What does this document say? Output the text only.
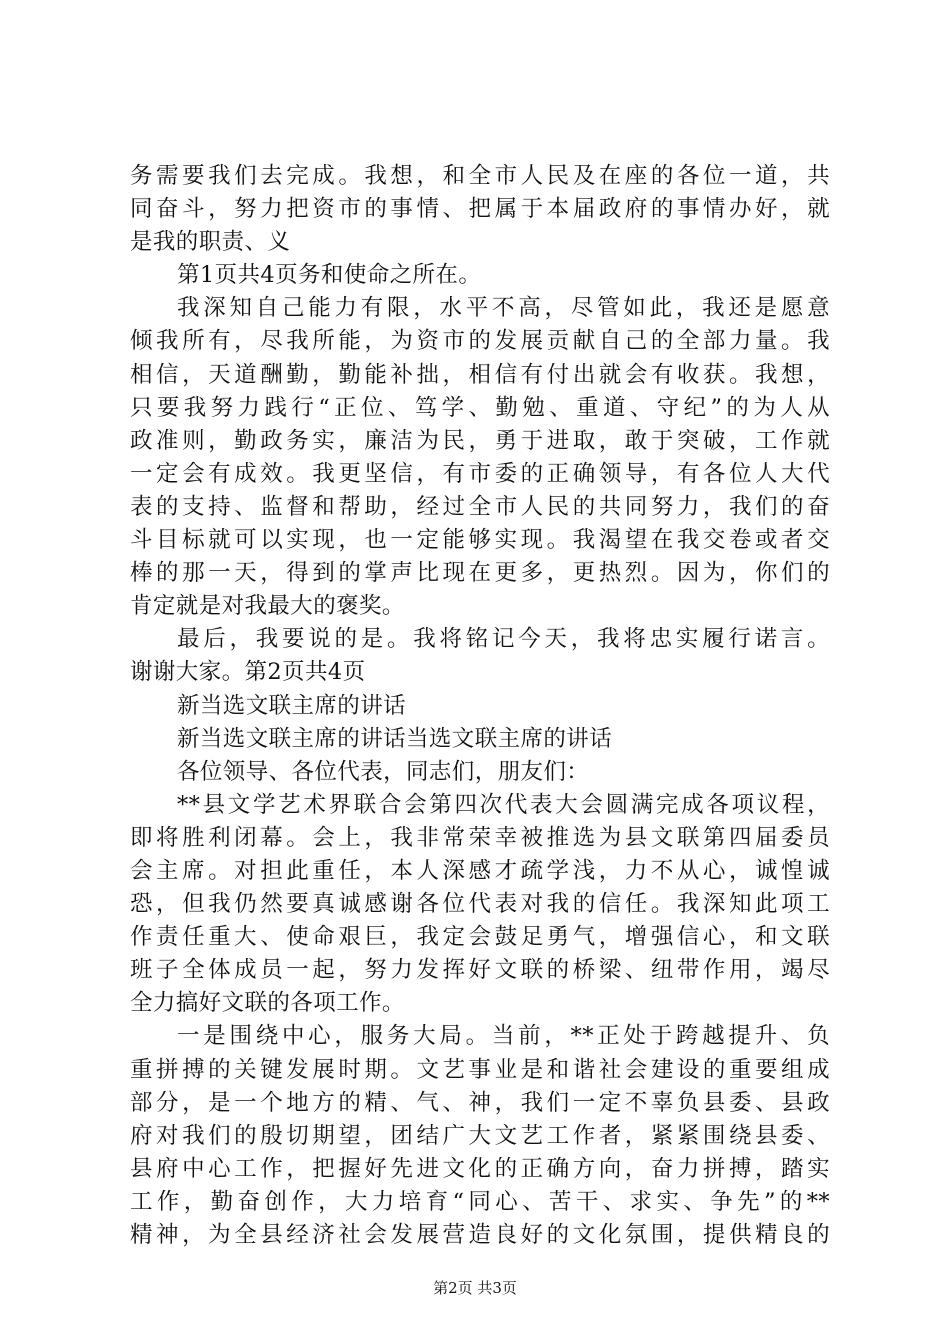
务需要我们去完成。我想，和全市人民及在座的各位一道，共
同奋斗，努力把资市的事情、把属于本届政府的事情办好，就
是我的职责、义
第1页共4页务和使命之所在。
我深知自己能力有限，水平不高，尽管如此，我还是愿意
倾我所有，尽我所能，为资市的发展贡献自己的全部力量。我
相信，天道酬勤，勤能补拙，相信有付出就会有收获。我想，
只要我努力践行“正位、笃学、勤勉、重道、守纪”的为人从
政准则，勤政务实，廉洁为民，勇于进取，敢于突破，工作就
一定会有成效。我更坚信，有市委的正确领导，有各位人大代
表的支持、监督和帮助，经过全市人民的共同努力，我们的奋
斗目标就可以实现，也一定能够实现。我渴望在我交卷或者交
棒的那一天，得到的掌声比现在更多，更热烈。因为，你们的
肯定就是对我最大的褒奖。
最后，我要说的是。我将铭记今天，我将忠实履行诺言。
谢谢大家。第2页共4页
新当选文联主席的讲话
新当选文联主席的讲话当选文联主席的讲话
各位领导、各位代表，同志们，朋友们：
**县文学艺术界联合会第四次代表大会圆满完成各项议程，
即将胜利闭幕。会上，我非常荣幸被推选为县文联第四届委员
会主席。对担此重任，本人深感才疏学浅，力不从心，诚惶诚
恐，但我仍然要真诚感谢各位代表对我的信任。我深知此项工
作责任重大、使命艰巨，我定会鼓足勇气，增强信心，和文联
班子全体成员一起，努力发挥好文联的桥梁、纽带作用，竭尽
全力搞好文联的各项工作。
一是围绕中心，服务大局。当前，**正处于跨越提升、负
重拼搏的关键发展时期。文艺事业是和谐社会建设的重要组成
部分，是一个地方的精、气、神，我们一定不辜负县委、县政
府对我们的殷切期望，团结广大文艺工作者，紧紧围绕县委、
县府中心工作，把握好先进文化的正确方向，奋力拼搏，踏实
工作，勤奋创作，大力培育“同心、苦干、求实、争先”的**
精神，为全县经济社会发展营造良好的文化氛围，提供精良的
第2页 共3页
